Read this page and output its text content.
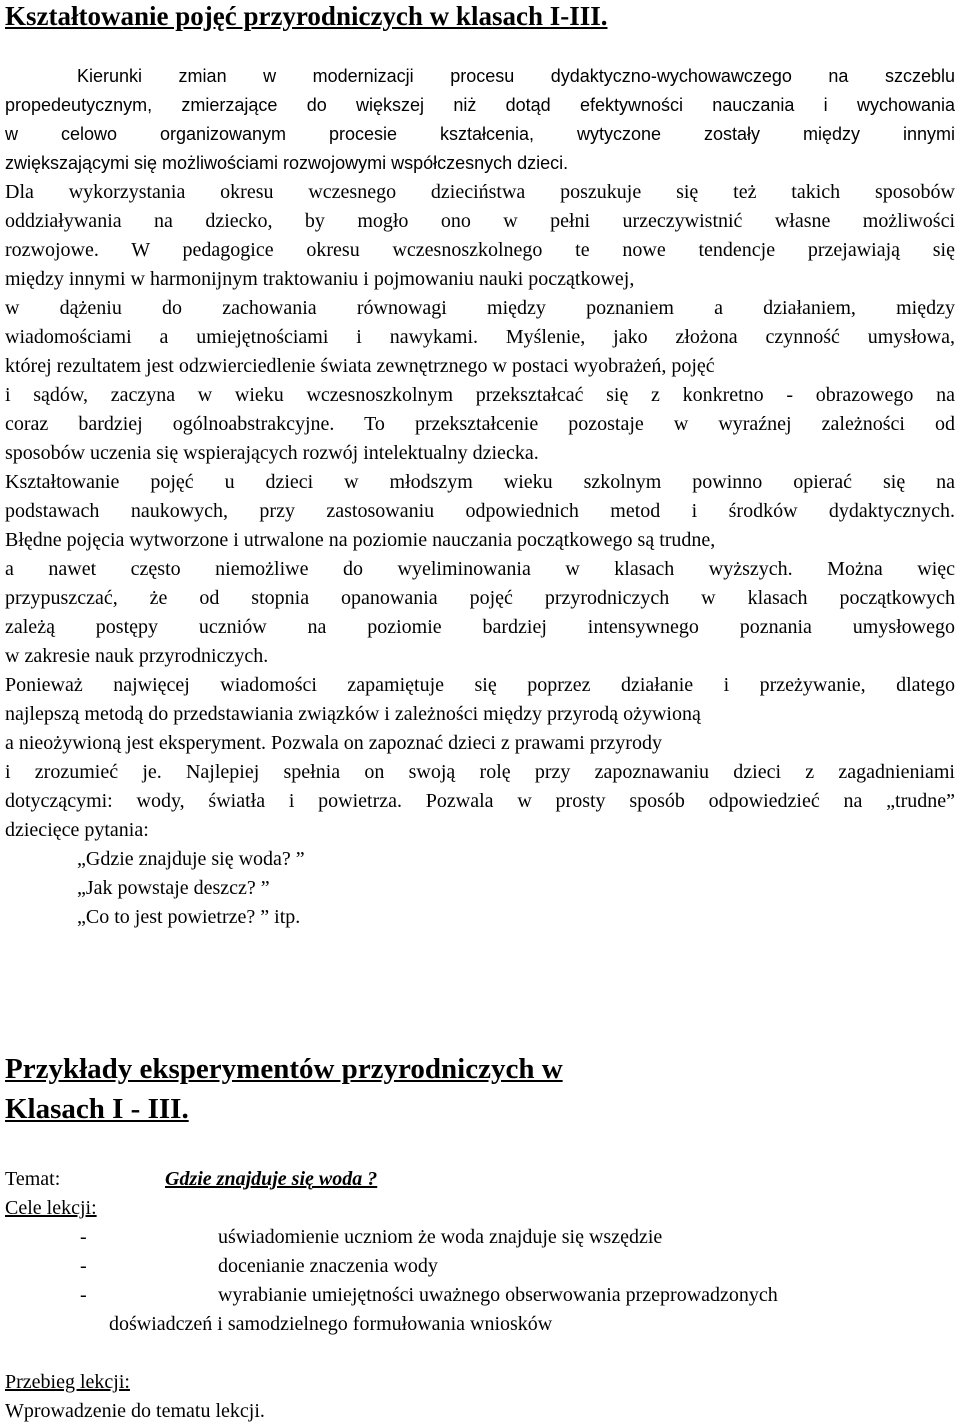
Kształtowanie pojęć przyrodniczych w klasach I-III.
Kierunki zmian w modernizacji procesu dydaktyczno-wychowawczego na szczeblu
propedeutycznym, zmierzające do większej niż dotąd efektywności nauczania i wychowania
w celowo organizowanym procesie kształcenia, wytyczone zostały między innymi
zwiększającymi się możliwościami rozwojowymi współczesnych dzieci.
Dla wykorzystania okresu wczesnego dzieciństwa poszukuje się też takich sposobów
oddziaływania na dziecko, by mogło ono w pełni urzeczywistnić własne możliwości
rozwojowe. W pedagogice okresu wczesnoszkolnego te nowe tendencje przejawiają się
między innymi w harmonijnym traktowaniu i pojmowaniu nauki początkowej,
w dążeniu do zachowania równowagi między poznaniem a działaniem, między
wiadomościami a umiejętnościami i nawykami. Myślenie, jako złożona czynność umysłowa,
której rezultatem jest odzwierciedlenie świata zewnętrznego w postaci wyobrażeń, pojęć
i sądów, zaczyna w wieku wczesnoszkolnym przekształcać się z konkretno - obrazowego na
coraz bardziej ogólnoabstrakcyjne. To przekształcenie pozostaje w wyraźnej zależności od
sposobów uczenia się wspierających rozwój intelektualny dziecka.
Kształtowanie pojęć u dzieci w młodszym wieku szkolnym powinno opierać się na
podstawach naukowych, przy zastosowaniu odpowiednich metod i środków dydaktycznych.
Błędne pojęcia wytworzone i utrwalone na poziomie nauczania początkowego są trudne,
a nawet często niemożliwe do wyeliminowania w klasach wyższych. Można więc
przypuszczać, że od stopnia opanowania pojęć przyrodniczych w klasach początkowych
zależą postępy uczniów na poziomie bardziej intensywnego poznania umysłowego
w zakresie nauk przyrodniczych.
Ponieważ najwięcej wiadomości zapamiętuje się poprzez działanie i przeżywanie, dlatego
najlepszą metodą do przedstawiania związków i zależności między przyrodą ożywioną
a nieożywioną jest eksperyment. Pozwala on zapoznać dzieci z prawami przyrody
i zrozumieć je. Najlepiej spełnia on swoją rolę przy zapoznawaniu dzieci z zagadnieniami
dotyczącymi: wody, światła i powietrza. Pozwala w prosty sposób odpowiedzieć na „trudne”
dziecięce pytania:
„Gdzie znajduje się woda? ”
„Jak powstaje deszcz? ”
„Co to jest powietrze? ” itp.
Przykłady eksperymentów przyrodniczych w
Klasach I - III.
Temat:	Gdzie znajduje się woda ?
Cele lekcji:
-	uświadomienie uczniom że woda znajduje się wszędzie
-	docenianie znaczenia wody
-	wyrabianie umiejętności uważnego obserwowania przeprowadzonych
doświadczeń i samodzielnego formułowania wniosków
Przebieg lekcji:
Wprowadzenie do tematu lekcji.
